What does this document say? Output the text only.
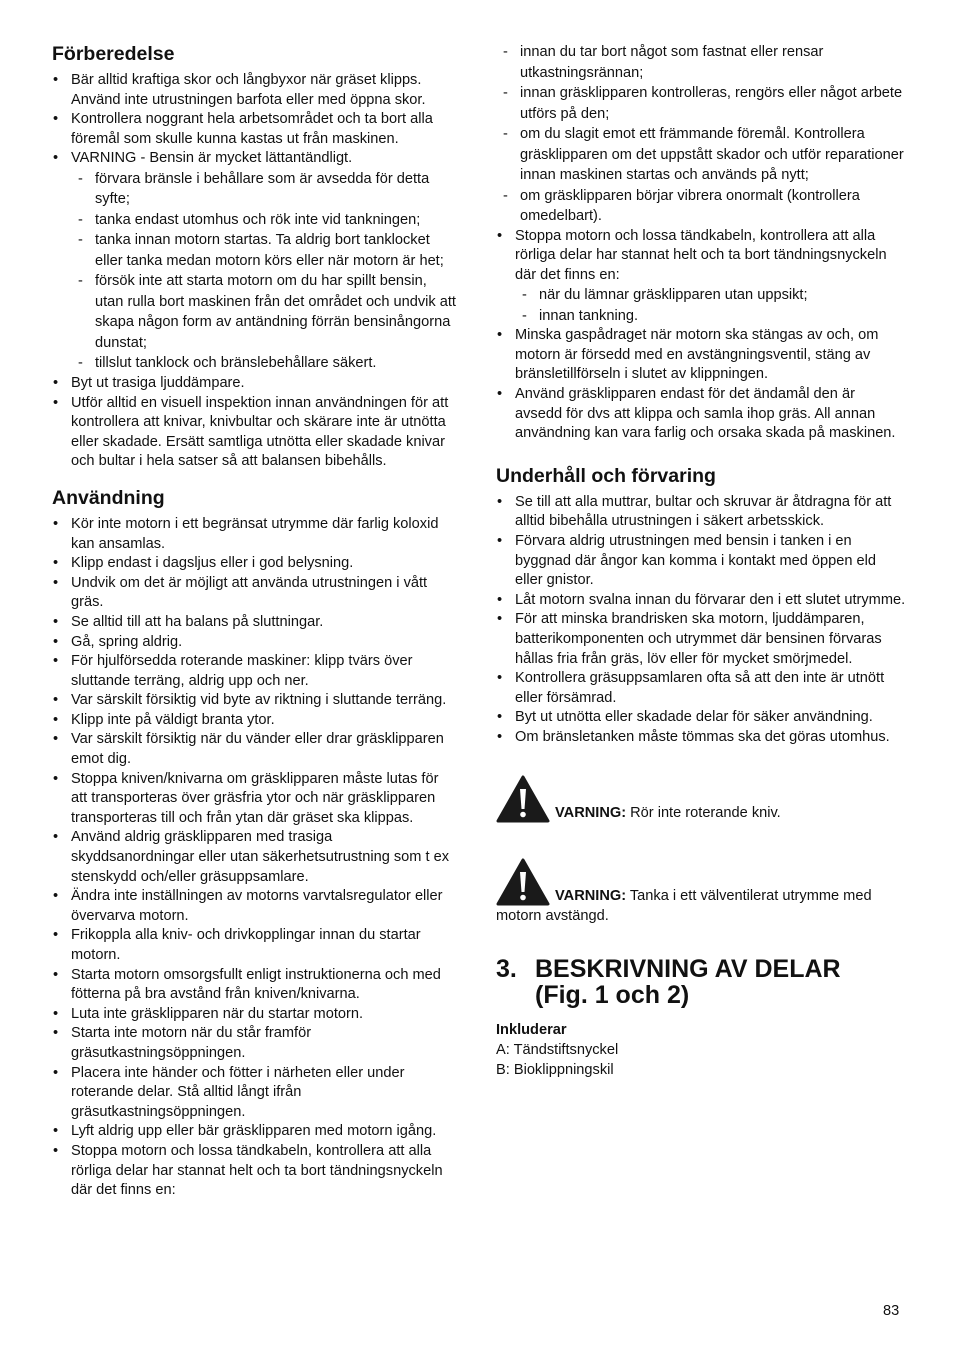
Förberedelse
• Bär alltid kraftiga skor och långbyxor när gräset klipps. Använd inte utrustningen barfota eller med öppna skor.
• Kontrollera noggrant hela arbetsområdet och ta bort alla föremål som skulle kunna kastas ut från maskinen.
• VARNING - Bensin är mycket lättantändligt.
- förvara bränsle i behållare som är avsedda för detta syfte;
- tanka endast utomhus och rök inte vid tankningen;
- tanka innan motorn startas. Ta aldrig bort tanklocket eller tanka medan motorn körs eller när motorn är het;
- försök inte att starta motorn om du har spillt bensin, utan rulla bort maskinen från det området och undvik att skapa någon form av antändning förrän bensinångorna dunstat;
- tillslut tanklock och bränslebehållare säkert.
• Byt ut trasiga ljuddämpare.
• Utför alltid en visuell inspektion innan användningen för att kontrollera att knivar, knivbultar och skärare inte är utnötta eller skadade. Ersätt samtliga utnötta eller skadade knivar och bultar i hela satser så att balansen bibehålls.
Användning
• Kör inte motorn i ett begränsat utrymme där farlig koloxid kan ansamlas.
• Klipp endast i dagsljus eller i god belysning.
• Undvik om det är möjligt att använda utrustningen i vått gräs.
• Se alltid till att ha balans på sluttningar.
• Gå, spring aldrig.
• För hjulförsedda roterande maskiner: klipp tvärs över sluttande terräng, aldrig upp och ner.
• Var särskilt försiktig vid byte av riktning i sluttande terräng.
• Klipp inte på väldigt branta ytor.
• Var särskilt försiktig när du vänder eller drar gräsklipparen emot dig.
• Stoppa kniven/knivarna om gräsklipparen måste lutas för att transporteras över gräsfria ytor och när gräsklipparen transporteras till och från ytan där gräset ska klippas.
• Använd aldrig gräsklipparen med trasiga skyddsanordningar eller utan säkerhetsutrustning som t ex stenskydd och/eller gräsuppsamlare.
• Ändra inte inställningen av motorns varvtalsregulator eller övervarva motorn.
• Frikoppla alla kniv- och drivkopplingar innan du startar motorn.
• Starta motorn omsorgsfullt enligt instruktionerna och med fötterna på bra avstånd från kniven/knivarna.
• Luta inte gräsklipparen när du startar motorn.
• Starta inte motorn när du står framför gräsutkastningsöppningen.
• Placera inte händer och fötter i närheten eller under roterande delar. Stå alltid långt ifrån gräsutkastningsöppningen.
• Lyft aldrig upp eller bär gräsklipparen med motorn igång.
• Stoppa motorn och lossa tändkabeln, kontrollera att alla rörliga delar har stannat helt och ta bort tändningsnyckeln där det finns en:
- innan du tar bort något som fastnat eller rensar utkastningsrännan;
- innan gräsklipparen kontrolleras, rengörs eller något arbete utförs på den;
- om du slagit emot ett främmande föremål. Kontrollera gräsklipparen om det uppstått skador och utför reparationer innan maskinen startas och används på nytt;
- om gräsklipparen börjar vibrera onormalt (kontrollera omedelbart).
• Stoppa motorn och lossa tändkabeln, kontrollera att alla rörliga delar har stannat helt och ta bort tändningsnyckeln där det finns en:
- när du lämnar gräsklipparen utan uppsikt;
- innan tankning.
• Minska gaspådraget när motorn ska stängas av och, om motorn är försedd med en avstängningsventil, stäng av bränsletillförseln i slutet av klippningen.
• Använd gräsklipparen endast för det ändamål den är avsedd för dvs att klippa och samla ihop gräs. All annan användning kan vara farlig och orsaka skada på maskinen.
Underhåll och förvaring
• Se till att alla muttrar, bultar och skruvar är åtdragna för att alltid bibehålla utrustningen i säkert arbetsskick.
• Förvara aldrig utrustningen med bensin i tanken i en byggnad där ångor kan komma i kontakt med öppen eld eller gnistor.
• Låt motorn svalna innan du förvarar den i ett slutet utrymme.
• För att minska brandrisken ska motorn, ljuddämparen, batterikomponenten och utrymmet där bensinen förvaras hållas fria från gräs, löv eller för mycket smörjmedel.
• Kontrollera gräsuppsamlaren ofta så att den inte är utnött eller försämrad.
• Byt ut utnötta eller skadade delar för säker användning.
• Om bränsletanken måste tömmas ska det göras utomhus.
VARNING: Rör inte roterande kniv.
VARNING: Tanka i ett välventilerat utrymme med motorn avstängd.
3. BESKRIVNING AV DELAR
(Fig. 1 och 2)
Inkluderar
A: Tändstiftsnyckel
B: Bioklippningskil
83
